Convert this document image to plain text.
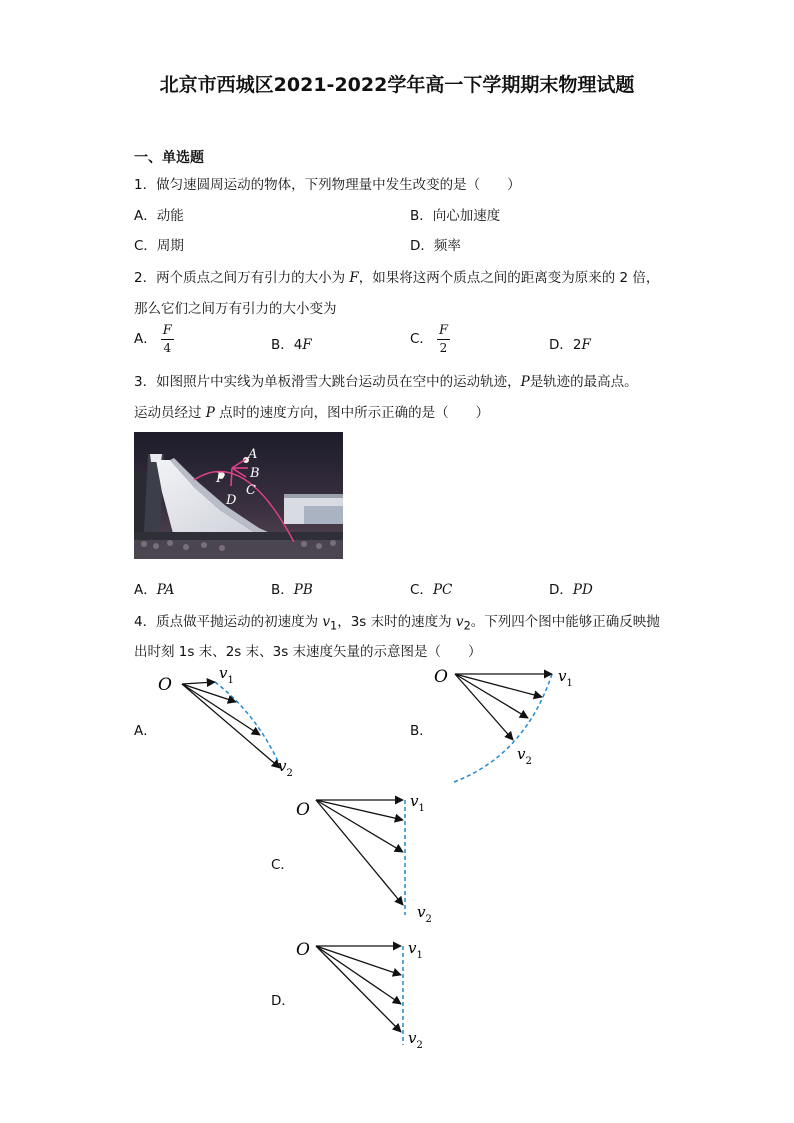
北京市西城区2021-2022学年高一下学期期末物理试题
一、单选题
1．做匀速圆周运动的物体，下列物理量中发生改变的是（　　）
A．动能	B．向心加速度
C．周期	D．频率
2．两个质点之间万有引力的大小为 F，如果将这两个质点之间的距离变为原来的 2 倍，
那么它们之间万有引力的大小变为
A． $\frac{F}{4}$	B．4F	C． $\frac{F}{2}$	D．2F
3．如图照片中实线为单板滑雪大跳台运动员在空中的运动轨迹，P是轨迹的最高点。
运动员经过 P 点时的速度方向，图中所示正确的是（　　）
A
B
C
D
P
A．PA	B．PB	C．PC	D．PD
4．质点做平抛运动的初速度为 $v_1$，3s 末时的速度为 $v_2$。下列四个图中能够正确反映抛
出时刻 1s 末、2s 末、3s 末速度矢量的示意图是（　　）
A．	B．
C．
D．
O
$v_1$
$v_2$
O	$v_1$
$v_2$
O	$v_1$
$v_2$
O	$v_1$
$v_2$
